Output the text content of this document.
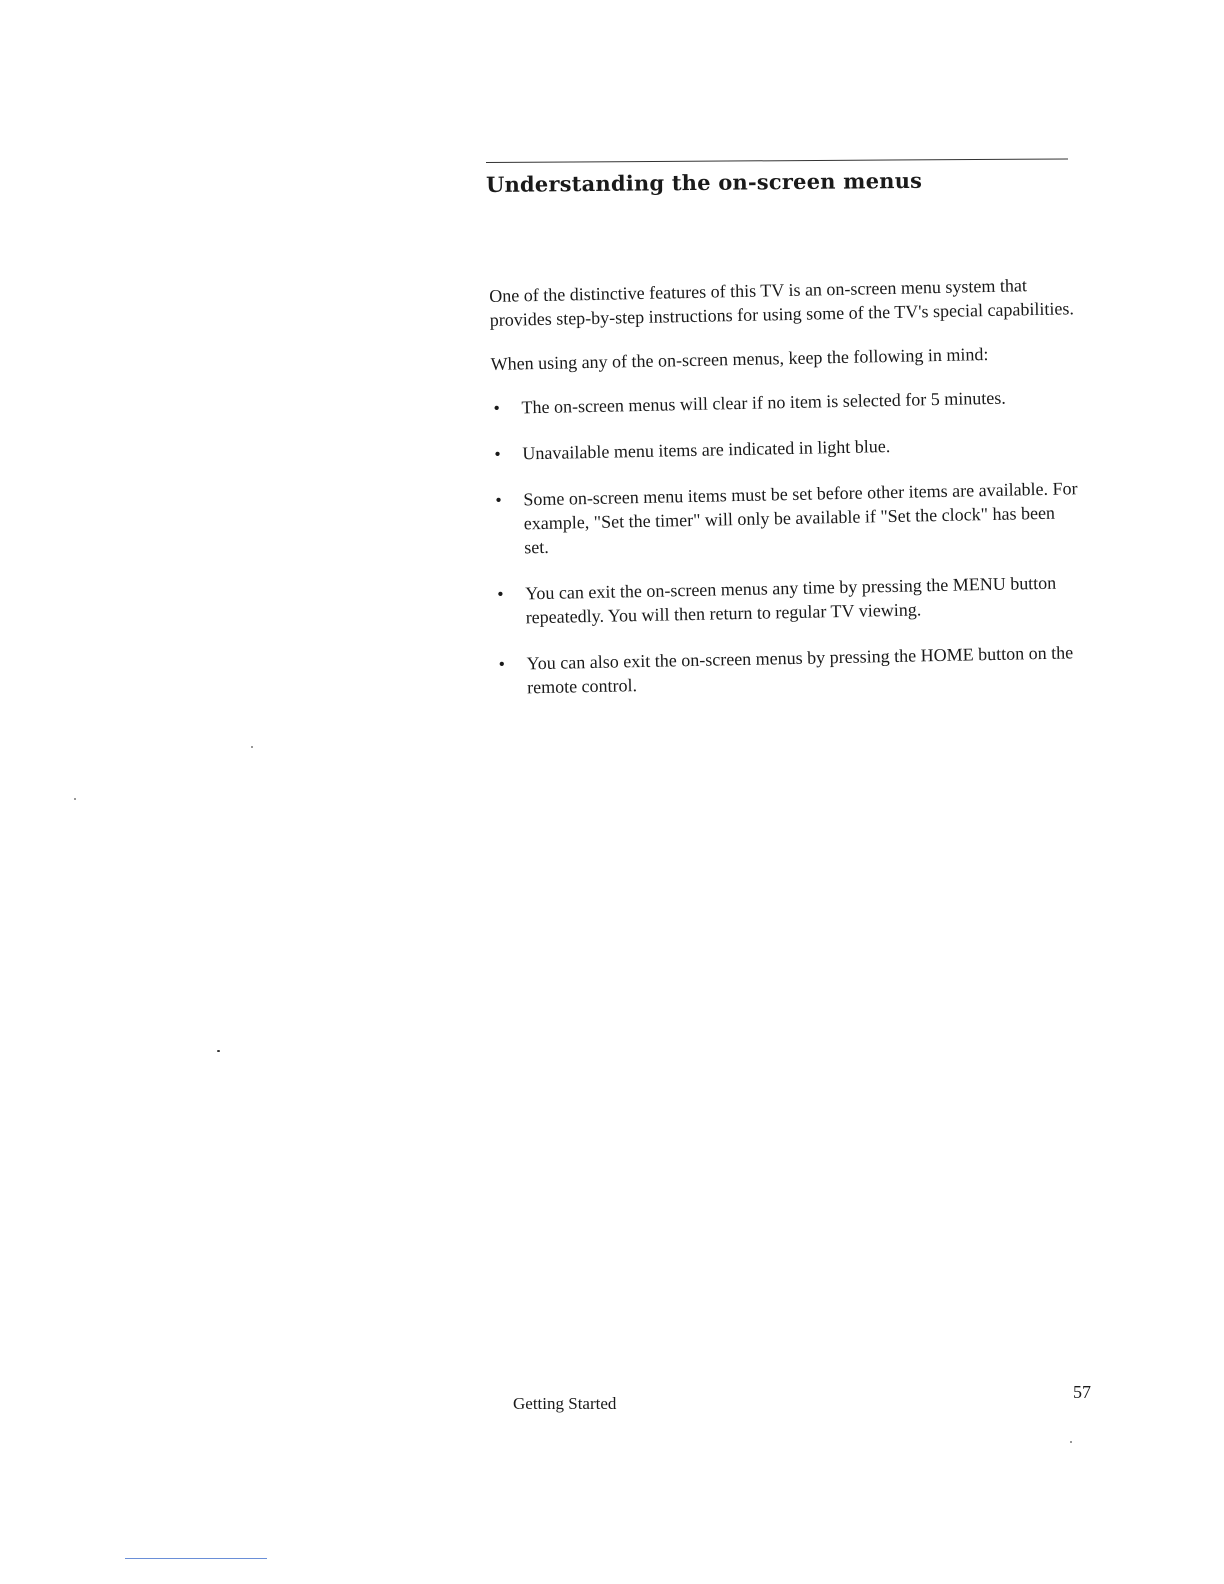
Understanding the on-screen menus

One of the distinctive features of this TV is an on-screen menu system that provides step-by-step instructions for using some of the TV's special capabilities.

When using any of the on-screen menus, keep the following in mind:

• The on-screen menus will clear if no item is selected for 5 minutes.
• Unavailable menu items are indicated in light blue.
• Some on-screen menu items must be set before other items are available. For example, "Set the timer" will only be available if "Set the clock" has been set.
• You can exit the on-screen menus any time by pressing the MENU button repeatedly. You will then return to regular TV viewing.
• You can also exit the on-screen menus by pressing the HOME button on the remote control.
Getting Started
57
